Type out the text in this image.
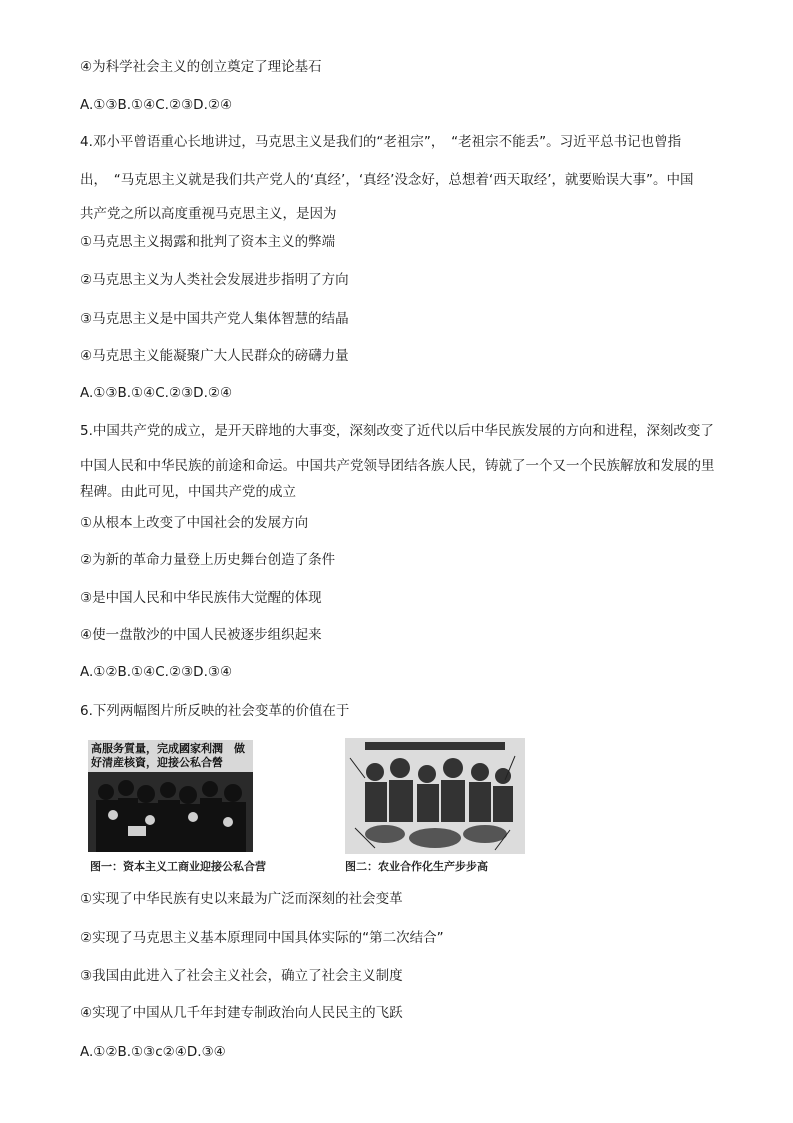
④为科学社会主义的创立奠定了理论基石
A.①③B.①④C.②③D.②④
4.邓小平曾语重心长地讲过，马克思主义是我们的“老祖宗”，　“老祖宗不能丢”。习近平总书记也曾指
出，　“马克思主义就是我们共产党人的‘真经’，‘真经’没念好，总想着‘西天取经’，就要贻误大事”。中国
共产党之所以高度重视马克思主义，是因为
①马克思主义揭露和批判了资本主义的弊端
②马克思主义为人类社会发展进步指明了方向
③马克思主义是中国共产党人集体智慧的结晶
④马克思主义能凝聚广大人民群众的磅礴力量
A.①③B.①④C.②③D.②④
5.中国共产党的成立，是开天辟地的大事变，深刻改变了近代以后中华民族发展的方向和进程，深刻改变了
中国人民和中华民族的前途和命运。中国共产党领导团结各族人民，铸就了一个又一个民族解放和发展的里
程碑。由此可见，中国共产党的成立
①从根本上改变了中国社会的发展方向
②为新的革命力量登上历史舞台创造了条件
③是中国人民和中华民族伟大觉醒的体现
④使一盘散沙的中国人民被逐步组织起来
A.①②B.①④C.②③D.③④
6.下列两幅图片所反映的社会变革的价值在于
高服务質量，完成國家利潤　做好清産核資，迎接公私合營
图一：资本主义工商业迎接公私合营	图二：农业合作化生产步步高
①实现了中华民族有史以来最为广泛而深刻的社会变革
②实现了马克思主义基本原理同中国具体实际的“第二次结合”
③我国由此进入了社会主义社会，确立了社会主义制度
④实现了中国从几千年封建专制政治向人民民主的飞跃
A.①②B.①③c②④D.③④
